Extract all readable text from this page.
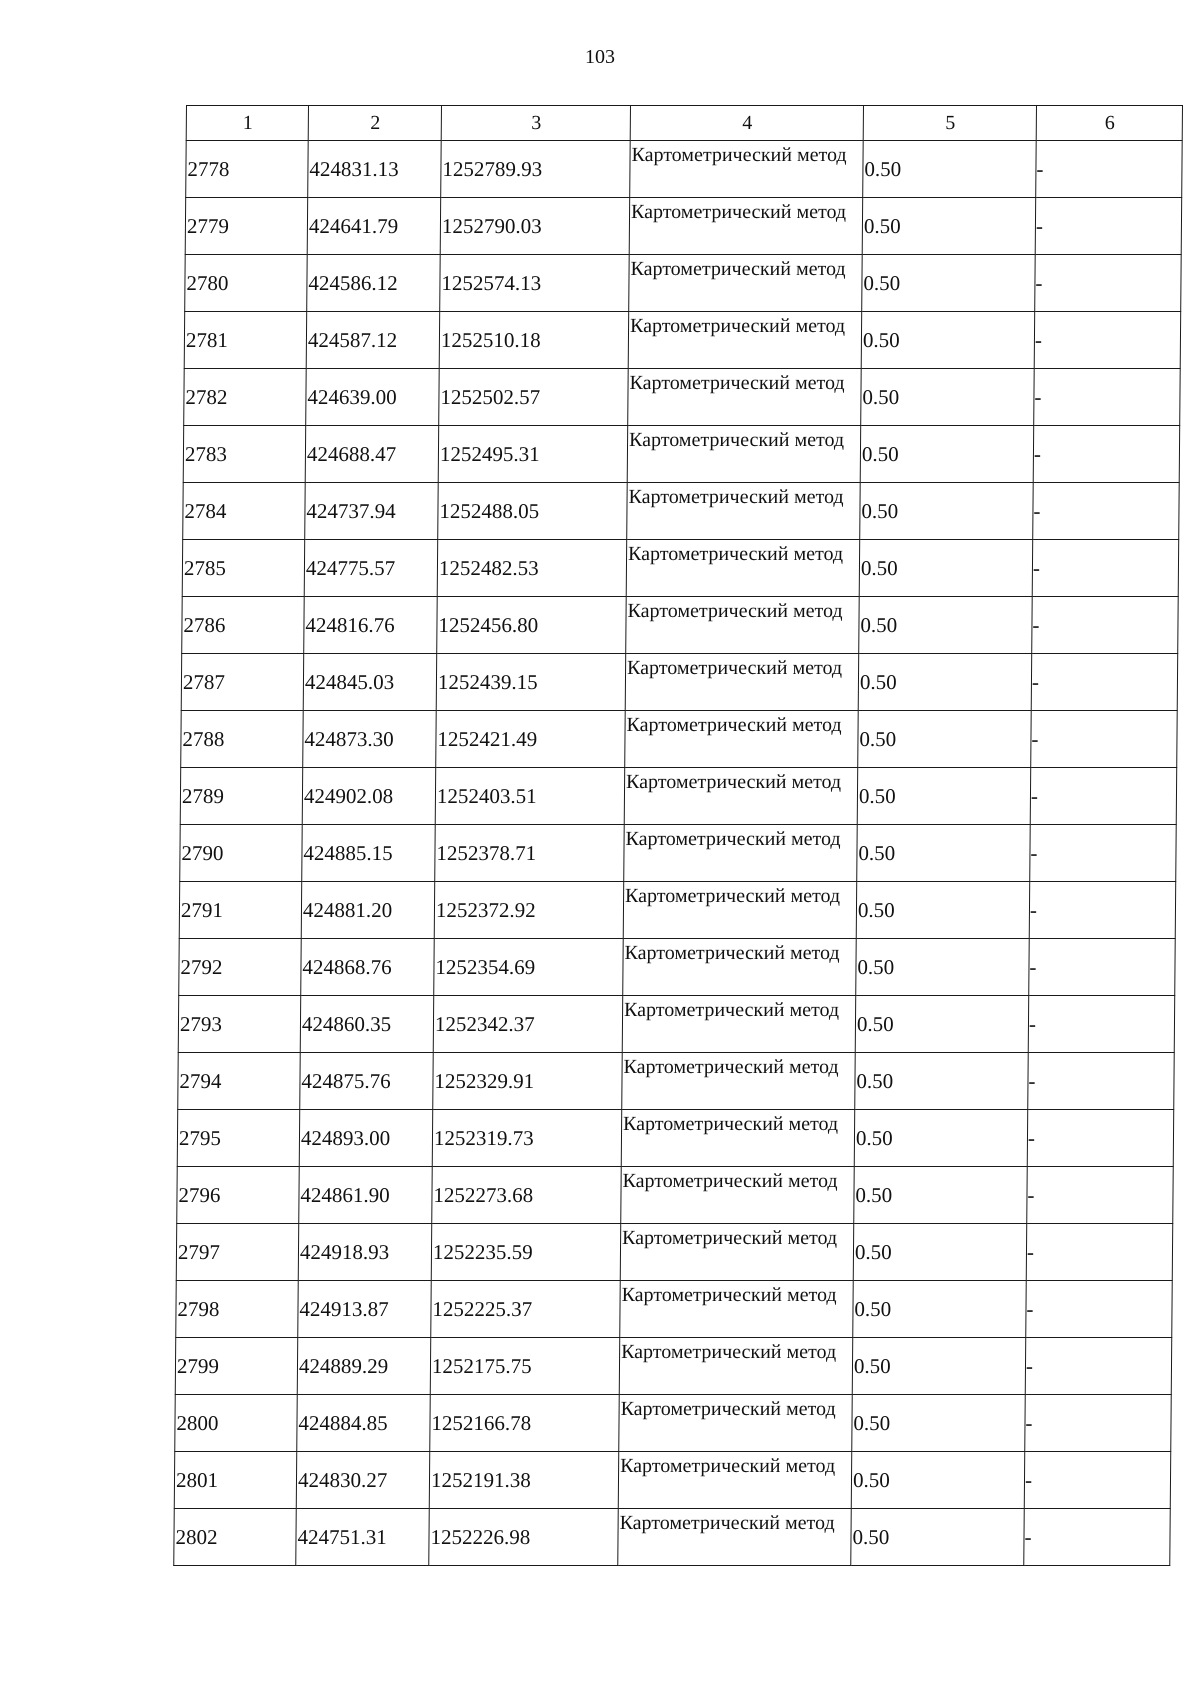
103
1	2	3	4	5	6
2778	424831.13	1252789.93	Картометрический метод	0.50	-
2779	424641.79	1252790.03	Картометрический метод	0.50	-
2780	424586.12	1252574.13	Картометрический метод	0.50	-
2781	424587.12	1252510.18	Картометрический метод	0.50	-
2782	424639.00	1252502.57	Картометрический метод	0.50	-
2783	424688.47	1252495.31	Картометрический метод	0.50	-
2784	424737.94	1252488.05	Картометрический метод	0.50	-
2785	424775.57	1252482.53	Картометрический метод	0.50	-
2786	424816.76	1252456.80	Картометрический метод	0.50	-
2787	424845.03	1252439.15	Картометрический метод	0.50	-
2788	424873.30	1252421.49	Картометрический метод	0.50	-
2789	424902.08	1252403.51	Картометрический метод	0.50	-
2790	424885.15	1252378.71	Картометрический метод	0.50	-
2791	424881.20	1252372.92	Картометрический метод	0.50	-
2792	424868.76	1252354.69	Картометрический метод	0.50	-
2793	424860.35	1252342.37	Картометрический метод	0.50	-
2794	424875.76	1252329.91	Картометрический метод	0.50	-
2795	424893.00	1252319.73	Картометрический метод	0.50	-
2796	424861.90	1252273.68	Картометрический метод	0.50	-
2797	424918.93	1252235.59	Картометрический метод	0.50	-
2798	424913.87	1252225.37	Картометрический метод	0.50	-
2799	424889.29	1252175.75	Картометрический метод	0.50	-
2800	424884.85	1252166.78	Картометрический метод	0.50	-
2801	424830.27	1252191.38	Картометрический метод	0.50	-
2802	424751.31	1252226.98	Картометрический метод	0.50	-
